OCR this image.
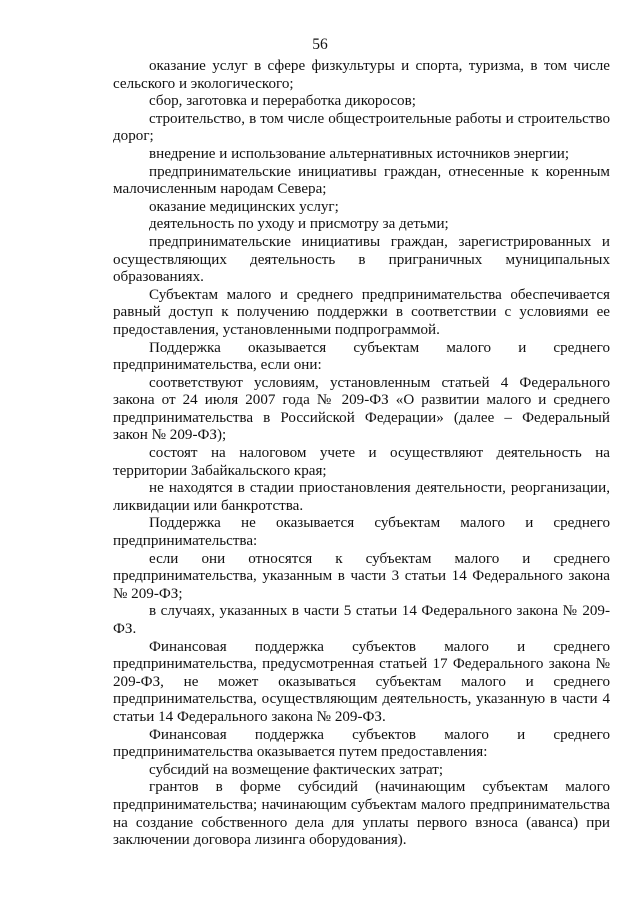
56

оказание услуг в сфере физкультуры и спорта, туризма, в том числе сельского и экологического;

сбор, заготовка и переработка дикоросов;

строительство, в том числе общестроительные работы и строительство дорог;

внедрение и использование альтернативных источников энергии;

предпринимательские инициативы граждан, отнесенные к коренным малочисленным народам Севера;

оказание медицинских услуг;

деятельность по уходу и присмотру за детьми;

предпринимательские инициативы граждан, зарегистрированных и осуществляющих деятельность в приграничных муниципальных образованиях.

Субъектам малого и среднего предпринимательства обеспечивается равный доступ к получению поддержки в соответствии с условиями ее предоставления, установленными подпрограммой.

Поддержка оказывается субъектам малого и среднего предпринимательства, если они:

соответствуют условиям, установленным статьей 4 Федерального закона от 24 июля 2007 года № 209-ФЗ «О развитии малого и среднего предпринимательства в Российской Федерации» (далее – Федеральный закон № 209-ФЗ);

состоят на налоговом учете и осуществляют деятельность на территории Забайкальского края;

не находятся в стадии приостановления деятельности, реорганизации, ликвидации или банкротства.

Поддержка не оказывается субъектам малого и среднего предпринимательства:

если они относятся к субъектам малого и среднего предпринимательства, указанным в части 3 статьи 14 Федерального закона № 209-ФЗ;

в случаях, указанных в части 5 статьи 14 Федерального закона № 209-ФЗ.

Финансовая поддержка субъектов малого и среднего предпринимательства, предусмотренная статьей 17 Федерального закона № 209-ФЗ, не может оказываться субъектам малого и среднего предпринимательства, осуществляющим деятельность, указанную в части 4 статьи 14 Федерального закона № 209-ФЗ.

Финансовая поддержка субъектов малого и среднего предпринимательства оказывается путем предоставления:

субсидий на возмещение фактических затрат;

грантов в форме субсидий (начинающим субъектам малого предпринимательства; начинающим субъектам малого предпринимательства на создание собственного дела для уплаты первого взноса (аванса) при заключении договора лизинга оборудования).
